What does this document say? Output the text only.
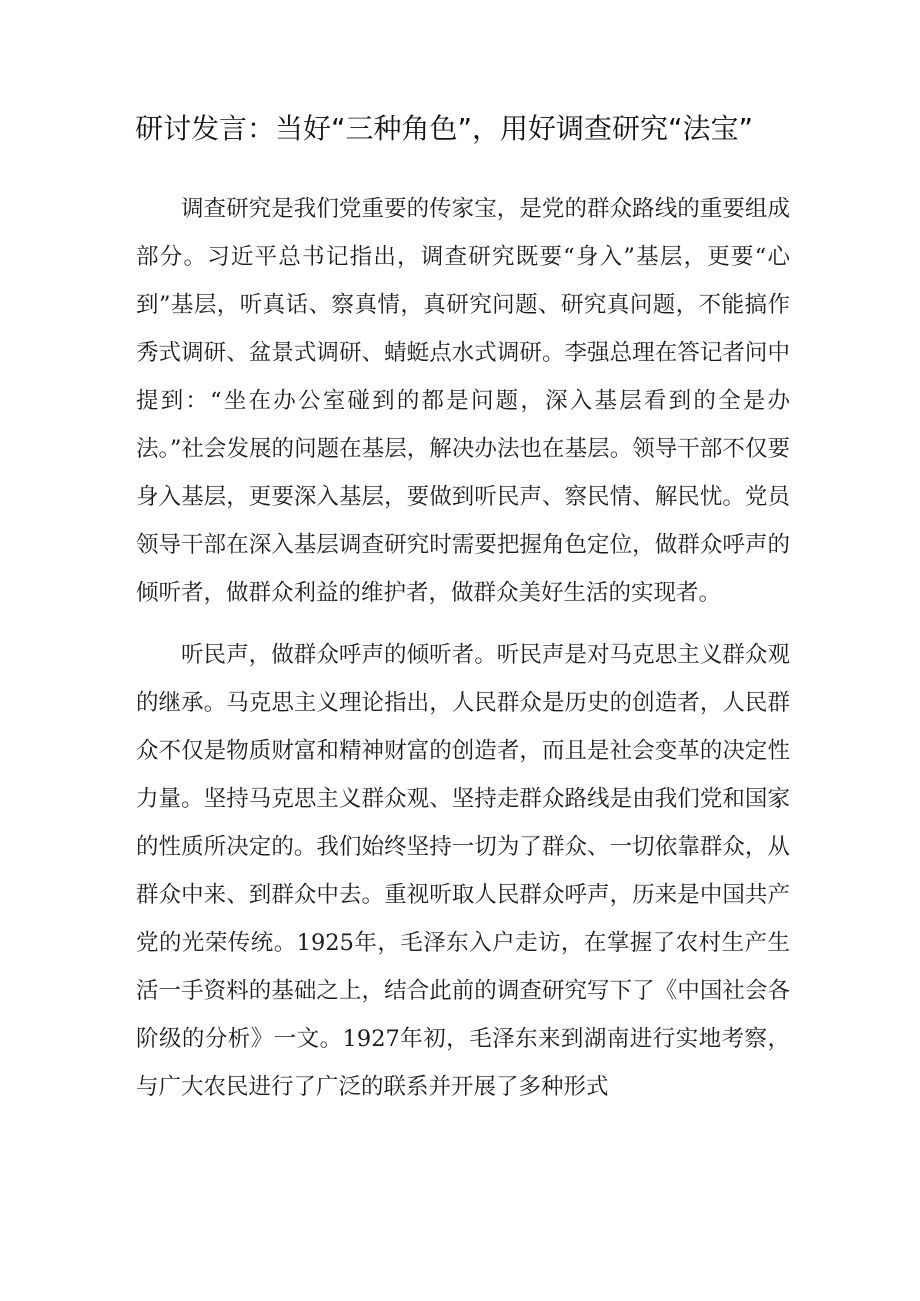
研讨发言：当好“三种角色”，用好调查研究“法宝”

调查研究是我们党重要的传家宝，是党的群众路线的重要组成部分。习近平总书记指出，调查研究既要“身入”基层，更要“心到”基层，听真话、察真情，真研究问题、研究真问题，不能搞作秀式调研、盆景式调研、蜻蜓点水式调研。李强总理在答记者问中提到：“坐在办公室碰到的都是问题，深入基层看到的全是办法。”社会发展的问题在基层，解决办法也在基层。领导干部不仅要身入基层，更要深入基层，要做到听民声、察民情、解民忧。党员领导干部在深入基层调查研究时需要把握角色定位，做群众呼声的倾听者，做群众利益的维护者，做群众美好生活的实现者。

听民声，做群众呼声的倾听者。听民声是对马克思主义群众观的继承。马克思主义理论指出，人民群众是历史的创造者，人民群众不仅是物质财富和精神财富的创造者，而且是社会变革的决定性力量。坚持马克思主义群众观、坚持走群众路线是由我们党和国家的性质所决定的。我们始终坚持一切为了群众、一切依靠群众，从群众中来、到群众中去。重视听取人民群众呼声，历来是中国共产党的光荣传统。1925年，毛泽东入户走访，在掌握了农村生产生活一手资料的基础之上，结合此前的调查研究写下了《中国社会各阶级的分析》一文。1927年初，毛泽东来到湖南进行实地考察，与广大农民进行了广泛的联系并开展了多种形式
